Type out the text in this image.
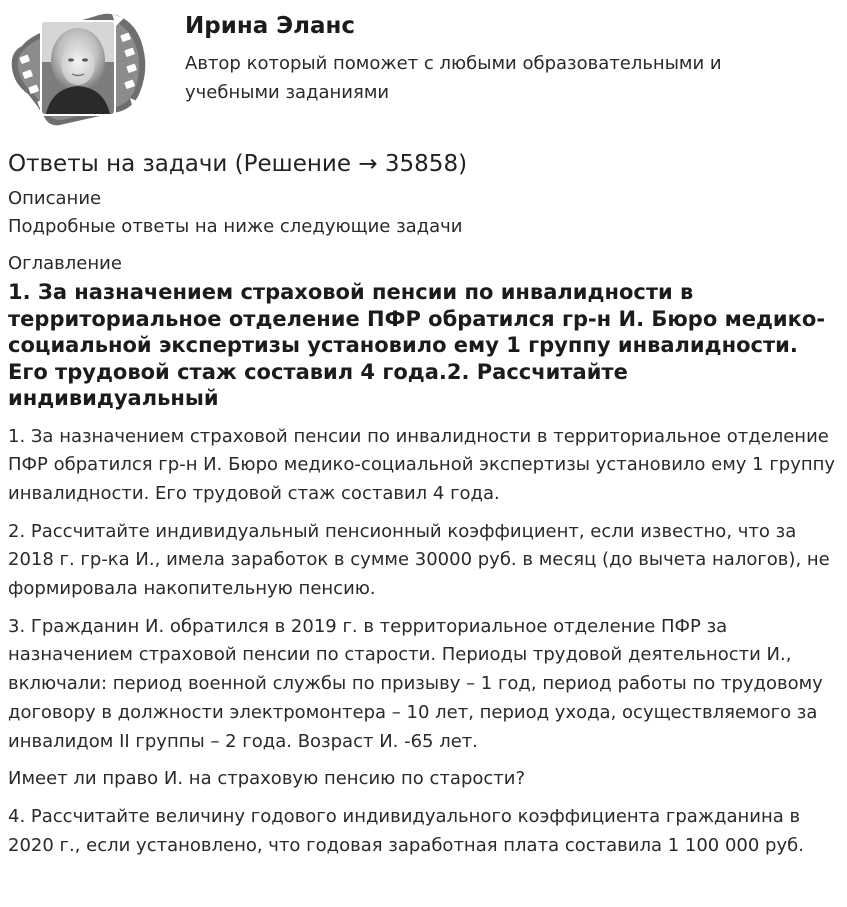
Ирина Эланс
Автор который поможет с любыми образовательными и учебными заданиями
Ответы на задачи (Решение → 35858)

Описание

Подробные ответы на ниже следующие задачи

Оглавление

1. За назначением страховой пенсии по инвалидности в территориальное отделение ПФР обратился гр-н И. Бюро медико-социальной экспертизы установило ему 1 группу инвалидности. Его трудовой стаж составил 4 года.2. Рассчитайте индивидуальный

1. За назначением страховой пенсии по инвалидности в территориальное отделение ПФР обратился гр-н И. Бюро медико-социальной экспертизы установило ему 1 группу инвалидности. Его трудовой стаж составил 4 года.

2. Рассчитайте индивидуальный пенсионный коэффициент, если известно, что за 2018 г. гр-ка И., имела заработок в сумме 30000 руб. в месяц (до вычета налогов), не формировала накопительную пенсию.

3. Гражданин И. обратился в 2019 г. в территориальное отделение ПФР за назначением страховой пенсии по старости. Периоды трудовой деятельности И., включали: период военной службы по призыву – 1 год, период работы по трудовому договору в должности электромонтера – 10 лет, период ухода, осуществляемого за инвалидом II группы – 2 года. Возраст И. -65 лет.

Имеет ли право И. на страховую пенсию по старости?

4. Рассчитайте величину годового индивидуального коэффициента гражданина в 2020 г., если установлено, что годовая заработная плата составила 1 100 000 руб.
